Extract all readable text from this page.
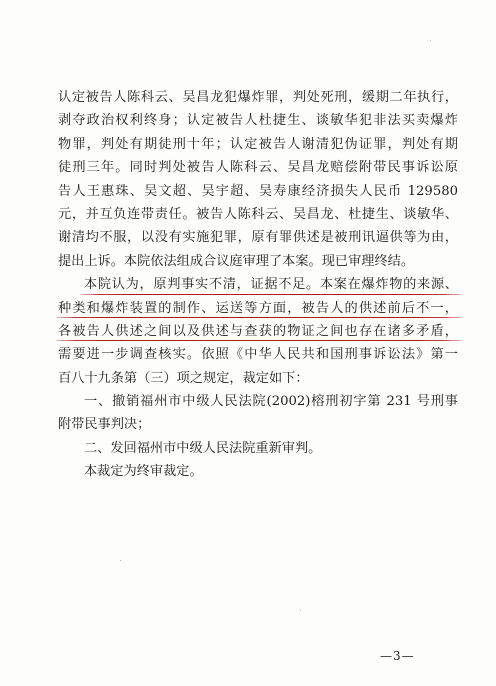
认定被告人陈科云、吴昌龙犯爆炸罪，判处死刑，缓期二年执行，
剥夺政治权利终身；认定被告人杜捷生、谈敏华犯非法买卖爆炸
物罪，判处有期徒刑十年；认定被告人谢清犯伪证罪，判处有期
徒刑三年。同时判处被告人陈科云、吴昌龙赔偿附带民事诉讼原
告人王惠珠、吴文超、吴宇超、吴寿康经济损失人民币 129580
元，并互负连带责任。被告人陈科云、吴昌龙、杜捷生、谈敏华、
谢清均不服，以没有实施犯罪，原有罪供述是被刑讯逼供等为由，
提出上诉。本院依法组成合议庭审理了本案。现已审理终结。
本院认为，原判事实不清，证据不足。本案在爆炸物的来源、
种类和爆炸装置的制作、运送等方面，被告人的供述前后不一，
各被告人供述之间以及供述与查获的物证之间也存在诸多矛盾，
需要进一步调查核实。依照《中华人民共和国刑事诉讼法》第一
百八十九条第（三）项之规定，裁定如下：
一、撤销福州市中级人民法院(2002)榕刑初字第 231 号刑事
附带民事判决；
二、发回福州市中级人民法院重新审判。
本裁定为终审裁定。
—3—
